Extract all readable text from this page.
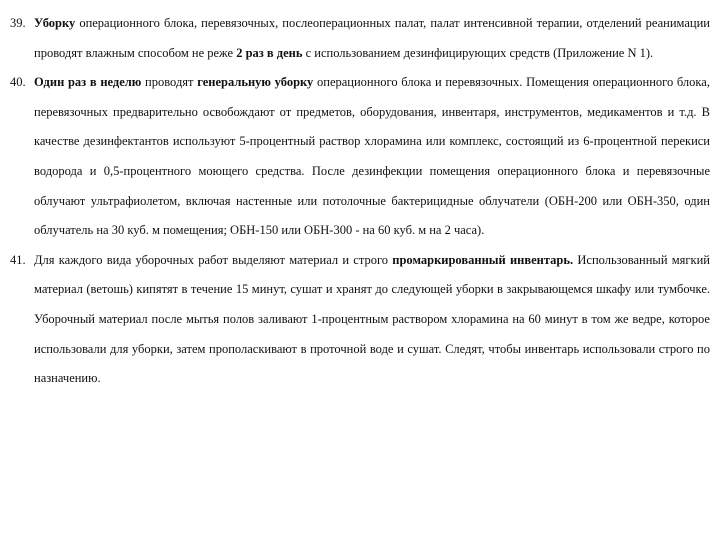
39. Уборку операционного блока, перевязочных, послеоперационных палат, палат интенсивной терапии, отделений реанимации проводят влажным способом не реже 2 раз в день с использованием дезинфицирующих средств (Приложение N 1).

40. Один раз в неделю проводят генеральную уборку операционного блока и перевязочных. Помещения операционного блока, перевязочных предварительно освобождают от предметов, оборудования, инвентаря, инструментов, медикаментов и т.д. В качестве дезинфектантов используют 5-процентный раствор хлорамина или комплекс, состоящий из 6-процентной перекиси водорода и 0,5-процентного моющего средства. После дезинфекции помещения операционного блока и перевязочные облучают ультрафиолетом, включая настенные или потолочные бактерицидные облучатели (ОБН-200 или ОБН-350, один облучатель на 30 куб. м помещения; ОБН-150 или ОБН-300 - на 60 куб. м на 2 часа).

41. Для каждого вида уборочных работ выделяют материал и строго промаркированный инвентарь. Использованный мягкий материал (ветошь) кипятят в течение 15 минут, сушат и хранят до следующей уборки в закрывающемся шкафу или тумбочке. Уборочный материал после мытья полов заливают 1-процентным раствором хлорамина на 60 минут в том же ведре, которое использовали для уборки, затем прополаскивают в проточной воде и сушат. Следят, чтобы инвентарь использовали строго по назначению.
